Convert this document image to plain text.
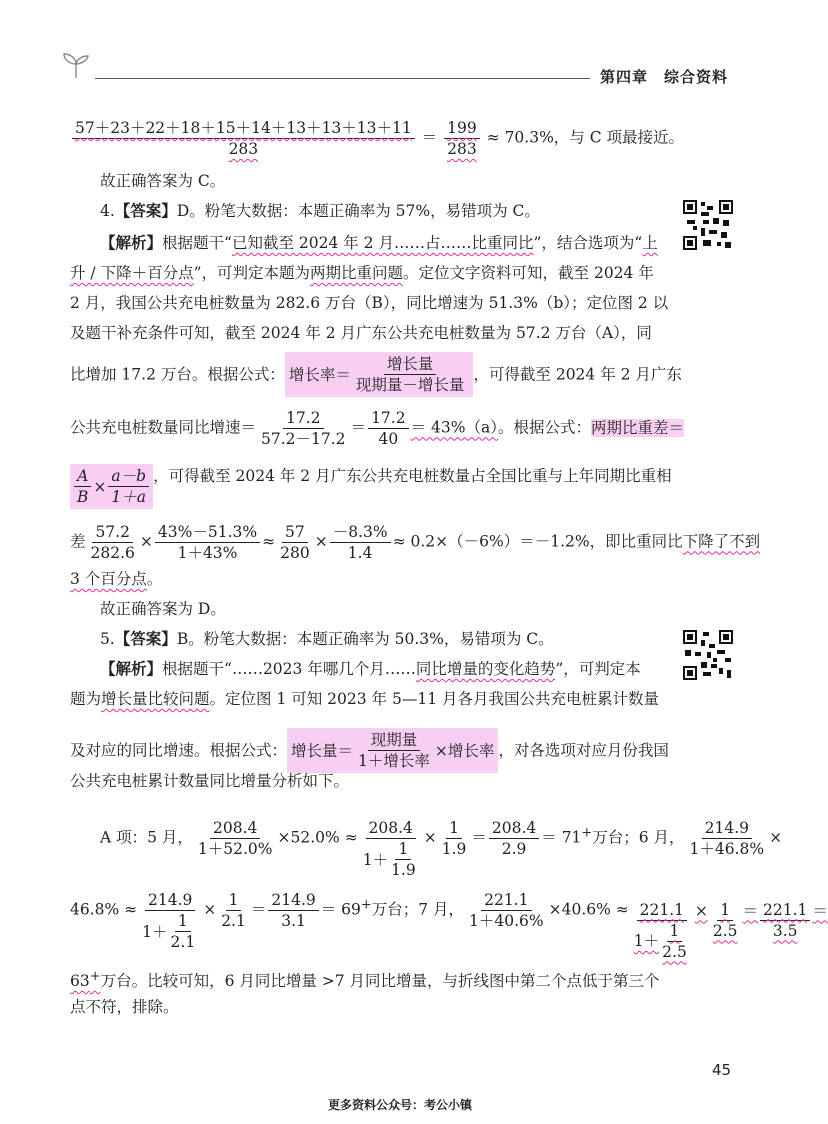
第四章 综合资料
$\frac{57+23+22+18+15+14+13+13+13+11}{283} = \frac{199}{283} \approx 70.3\%$，与 C 项最接近。
故正确答案为 C。
4.【答案】D。粉笔大数据：本题正确率为 57%，易错项为 C。
【解析】根据题干“已知截至 2024 年 2 月……占……比重同比”，结合选项为“上
升 / 下降＋百分点”，可判定本题为两期比重问题。定位文字资料可知，截至 2024 年
2 月，我国公共充电桩数量为 282.6 万台（B），同比增速为 51.3%（b）；定位图 2 以
及题干补充条件可知，截至 2024 年 2 月广东公共充电桩数量为 57.2 万台（A），同
比增加 17.2 万台。根据公式： 增长率＝ $\frac{\text{增长量}}{\text{现期量－增长量}}$ ，可得截至 2024 年 2 月广东
公共充电桩数量同比增速＝ $\frac{17.2}{57.2-17.2} = \frac{17.2}{40} = 43\%(a)$。根据公式：两期比重差＝
$\frac{A}{B} \times \frac{a-b}{1+a}$ ，可得截至 2024 年 2 月广东公共充电桩数量占全国比重与上年同期比重相
差 $\frac{57.2}{282.6} \times \frac{43\%-51.3\%}{1+43\%} \approx \frac{57}{280} \times \frac{-8.3\%}{1.4} \approx 0.2\times(-6\%)=-1.2\%$，即比重同比下降了不到
3 个百分点。
故正确答案为 D。
5.【答案】B。粉笔大数据：本题正确率为 50.3%，易错项为 C。
【解析】根据题干“……2023 年哪几个月……同比增量的变化趋势”，可判定本
题为增长量比较问题。定位图 1 可知 2023 年 5—11 月各月我国公共充电桩累计数量
及对应的同比增速。根据公式： 增长量＝ $\frac{\text{现期量}}{\text{1＋增长率}}$ ×增长率 ，对各选项对应月份我国
公共充电桩累计数量同比增量分析如下。
A 项：5 月， $\frac{208.4}{1+52.0\%} \times 52.0\% \approx \frac{208.4}{1+ \frac{1}{1.9}} \times \frac{1}{1.9} = \frac{208.4}{2.9} = 71^+$万台；6 月， $\frac{214.9}{1+46.8\%}$ ×
$46.8\% \approx \frac{214.9}{1+ \frac{1}{2.1}} \times \frac{1}{2.1} = \frac{214.9}{3.1} = 69^+$万台；7 月， $\frac{221.1}{1+40.6\%} \times 40.6\% \approx \frac{221.1}{1+ \frac{1}{2.5}} \times \frac{1}{2.5} = \frac{221.1}{3.5}$ ＝
63+万台。比较可知，6 月同比增量 >7 月同比增量，与折线图中第二个点低于第三个
点不符，排除。
45
更多资料公众号：考公小镇
